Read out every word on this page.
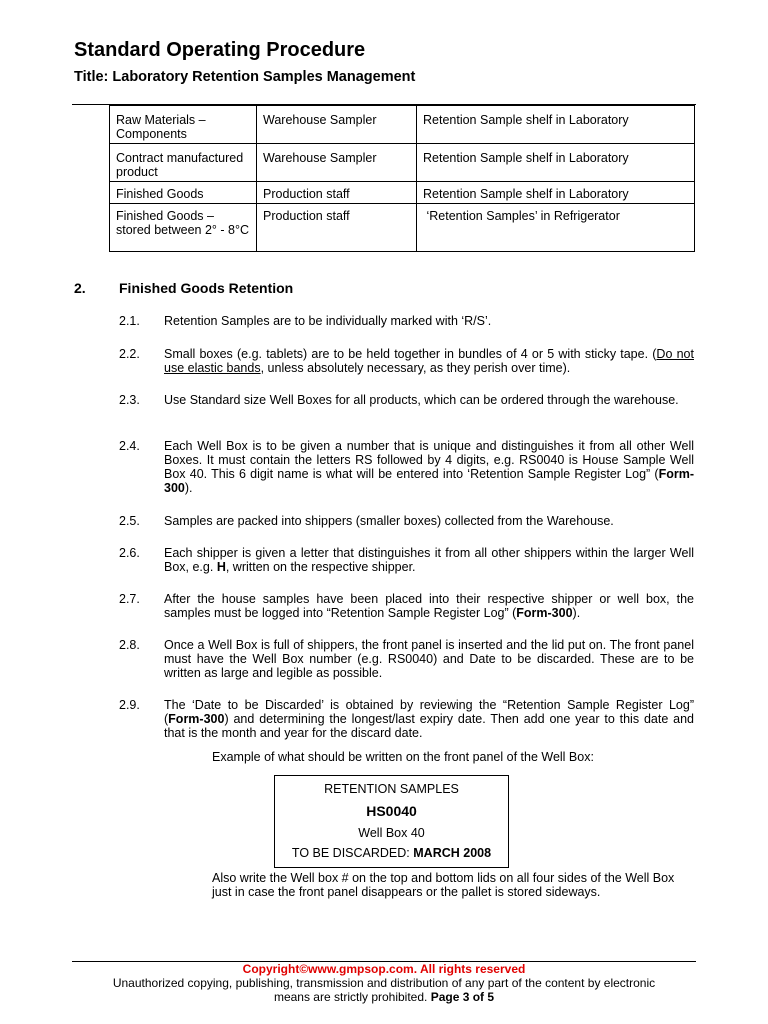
Standard Operating Procedure
Title: Laboratory Retention Samples Management
Raw Materials – Components	Warehouse Sampler	Retention Sample shelf in Laboratory
Contract manufactured product	Warehouse Sampler	Retention Sample shelf in Laboratory
Finished Goods	Production staff	Retention Sample shelf in Laboratory
Finished Goods – stored between 2° - 8°C	Production staff	‘Retention Samples’ in Refrigerator
2. Finished Goods Retention
2.1. Retention Samples are to be individually marked with ‘R/S’.
2.2. Small boxes (e.g. tablets) are to be held together in bundles of 4 or 5 with sticky tape. (Do not use elastic bands, unless absolutely necessary, as they perish over time).
2.3. Use Standard size Well Boxes for all products, which can be ordered through the warehouse.
2.4. Each Well Box is to be given a number that is unique and distinguishes it from all other Well Boxes. It must contain the letters RS followed by 4 digits, e.g. RS0040 is House Sample Well Box 40. This 6 digit name is what will be entered into ‘Retention Sample Register Log” (Form-300).
2.5. Samples are packed into shippers (smaller boxes) collected from the Warehouse.
2.6. Each shipper is given a letter that distinguishes it from all other shippers within the larger Well Box, e.g. H, written on the respective shipper.
2.7. After the house samples have been placed into their respective shipper or well box, the samples must be logged into “Retention Sample Register Log” (Form-300).
2.8. Once a Well Box is full of shippers, the front panel is inserted and the lid put on. The front panel must have the Well Box number (e.g. RS0040) and Date to be discarded. These are to be written as large and legible as possible.
2.9. The ‘Date to be Discarded’ is obtained by reviewing the “Retention Sample Register Log” (Form-300) and determining the longest/last expiry date. Then add one year to this date and that is the month and year for the discard date.
Example of what should be written on the front panel of the Well Box:
RETENTION SAMPLES
HS0040
Well Box 40
TO BE DISCARDED: MARCH 2008
Also write the Well box # on the top and bottom lids on all four sides of the Well Box just in case the front panel disappears or the pallet is stored sideways.
Copyright©www.gmpsop.com. All rights reserved
Unauthorized copying, publishing, transmission and distribution of any part of the content by electronic
means are strictly prohibited. Page 3 of 5
